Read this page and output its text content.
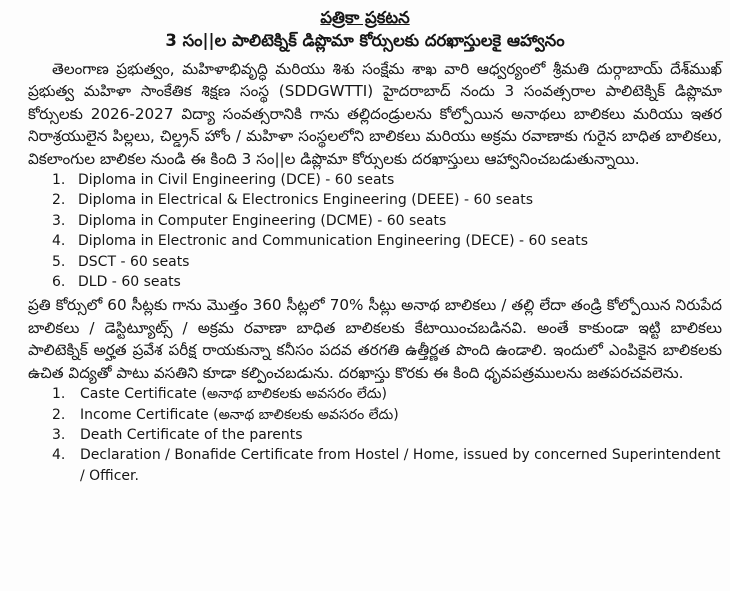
పత్రికా ప్రకటన
3 సం||ల పాలిటెక్నిక్ డిప్లొమా కోర్సులకు దరఖాస్తులకై ఆహ్వానం

తెలంగాణ ప్రభుత్వం, మహిళాభివృద్ధి మరియు శిశు సంక్షేమ శాఖ వారి ఆధ్వర్యంలో శ్రీమతి దుర్గాబాయ్ దేశ్‌ముఖ్ ప్రభుత్వ మహిళా సాంకేతిక శిక్షణ సంస్థ (SDDGWTTI) హైదరాబాద్ నందు 3 సంవత్సరాల పాలిటెక్నిక్ డిప్లొమా కోర్సులకు 2026-2027 విద్యా సంవత్సరానికి గాను తల్లిదండ్రులను కోల్పోయిన అనాథలు బాలికలు మరియు ఇతర నిరాశ్రయులైన పిల్లలు, చిల్డ్రన్ హోం / మహిళా సంస్థలలోని బాలికలు మరియు అక్రమ రవాణాకు గురైన బాధిత బాలికలు, వికలాంగుల బాలికల నుండి ఈ కింది 3 సం||ల డిప్లొమా కోర్సులకు దరఖాస్తులు ఆహ్వానించబడుతున్నాయి.

1. Diploma in Civil Engineering (DCE) - 60 seats
2. Diploma in Electrical & Electronics Engineering (DEEE) - 60 seats
3. Diploma in Computer Engineering (DCME) - 60 seats
4. Diploma in Electronic and Communication Engineering (DECE) - 60 seats
5. DSCT - 60 seats
6. DLD - 60 seats

ప్రతి కోర్సులో 60 సీట్లకు గాను మొత్తం 360 సీట్లలో 70% సీట్లు అనాథ బాలికలు / తల్లి లేదా తండ్రి కోల్పోయిన నిరుపేద బాలికలు / డెస్టిట్యూట్స్ / అక్రమ రవాణా బాధిత బాలికలకు కేటాయించబడినవి. అంతే కాకుండా ఇట్టి బాలికలు పాలిటెక్నిక్ అర్హత ప్రవేశ పరీక్ష రాయకున్నా కనీసం పదవ తరగతి ఉత్తీర్ణత పొంది ఉండాలి. ఇందులో ఎంపికైన బాలికలకు ఉచిత విద్యతో పాటు వసతిని కూడా కల్పించబడును. దరఖాస్తు కొరకు ఈ కింది ధృవపత్రములను జతపరచవలెను.

1.	Caste Certificate (అనాథ బాలికలకు అవసరం లేదు)
2.	Income Certificate (అనాథ బాలికలకు అవసరం లేదు)
3.	Death Certificate of the parents
4.	Declaration / Bonafide Certificate from Hostel / Home, issued by concerned Superintendent / Officer.
